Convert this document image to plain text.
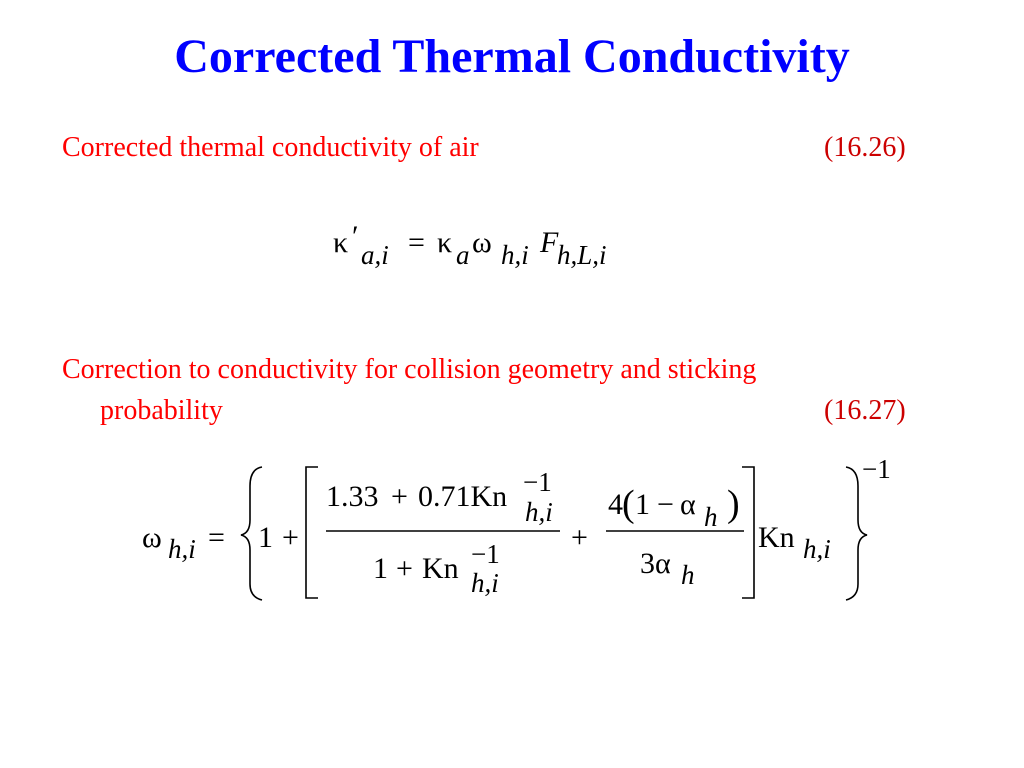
Corrected Thermal Conductivity
Corrected thermal conductivity of air	(16.26)
κ ′
a,i = κ a ω h,i F
h,L,i
Correction to conductivity for collision geometry and sticking
probability	(16.27)
ω h,i = 1 +
1.33 + 0.71Kn −1
h,i
1 + Kn −1
h,i
+
4 ( 1 − α h )
3α h
Kn h,i
−1
